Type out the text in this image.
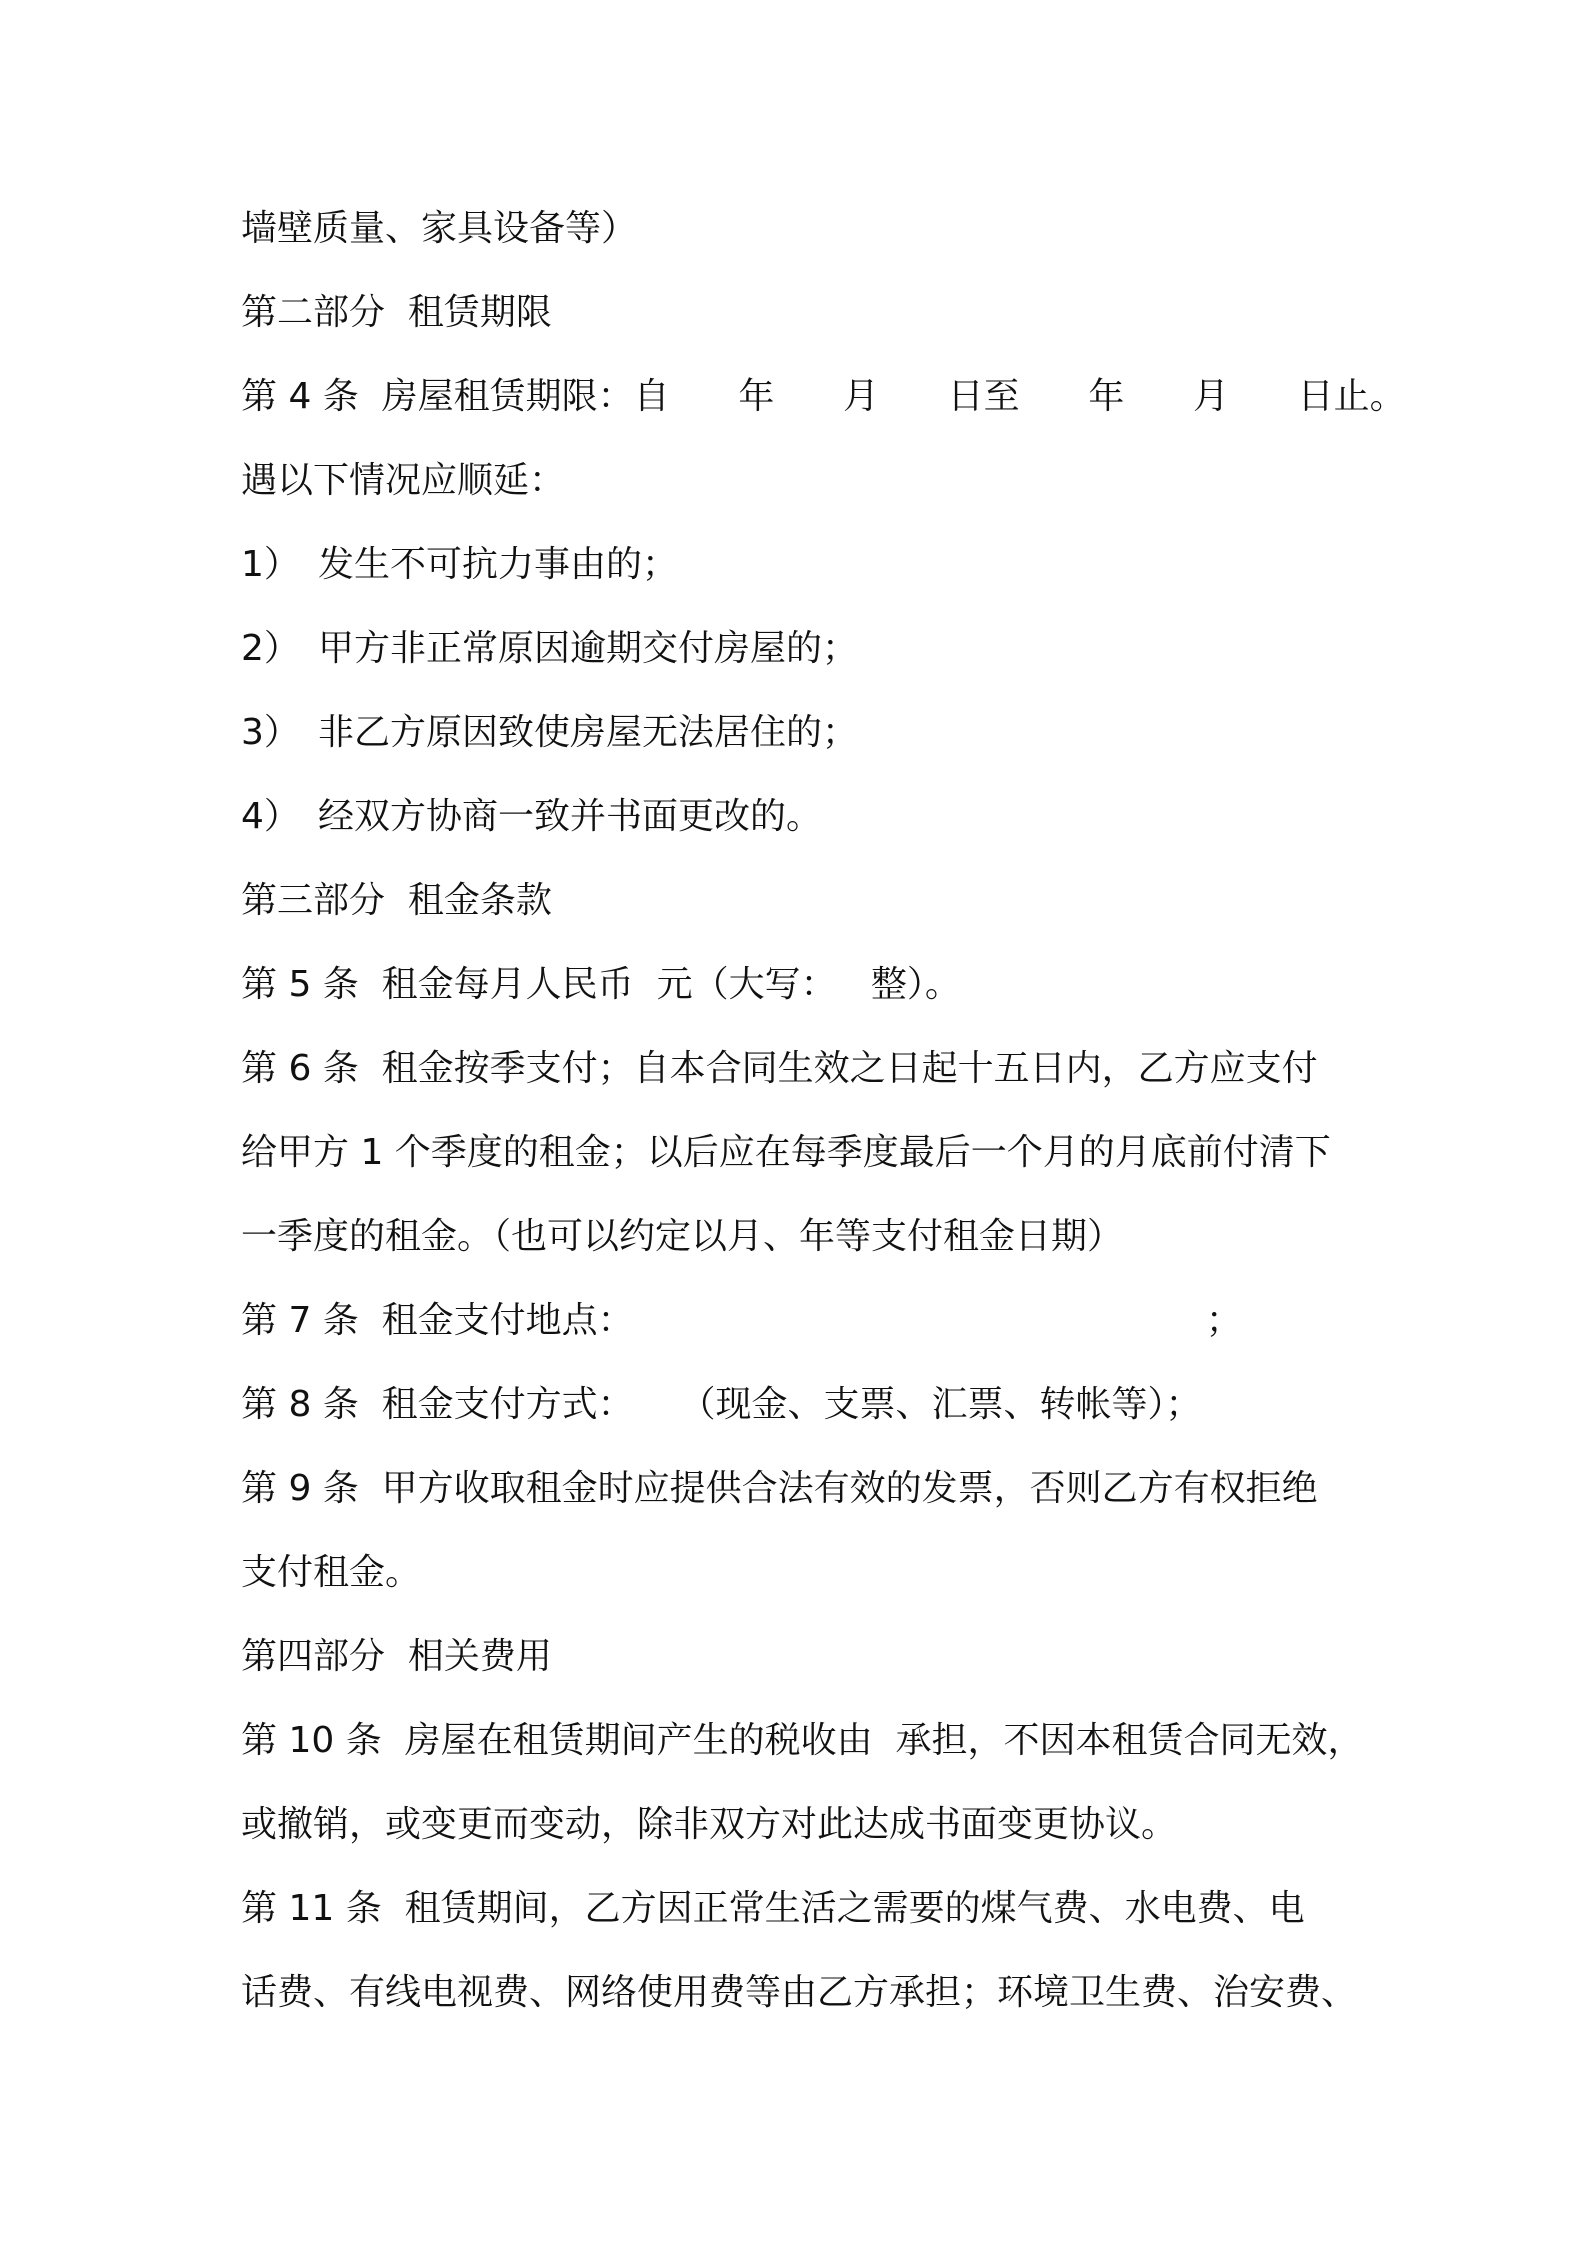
墙壁质量、家具设备等）
第二部分  租赁期限
第 4 条  房屋租赁期限：自      年      月      日至      年      月      日止。
遇以下情况应顺延：
1） 发生不可抗力事由的；
2） 甲方非正常原因逾期交付房屋的；
3） 非乙方原因致使房屋无法居住的；
4） 经双方协商一致并书面更改的。
第三部分  租金条款
第 5 条  租金每月人民币  元（大写：   整）。
第 6 条  租金按季支付；自本合同生效之日起十五日内，乙方应支付
给甲方 1 个季度的租金；以后应在每季度最后一个月的月底前付清下
一季度的租金。（也可以约定以月、年等支付租金日期）
第 7 条  租金支付地点：                                                  ；
第 8 条  租金支付方式：    （现金、支票、汇票、转帐等）；
第 9 条  甲方收取租金时应提供合法有效的发票，否则乙方有权拒绝
支付租金。
第四部分  相关费用
第 10 条  房屋在租赁期间产生的税收由  承担，不因本租赁合同无效，
或撤销，或变更而变动，除非双方对此达成书面变更协议。
第 11 条  租赁期间，乙方因正常生活之需要的煤气费、水电费、电
话费、有线电视费、网络使用费等由乙方承担；环境卫生费、治安费、
